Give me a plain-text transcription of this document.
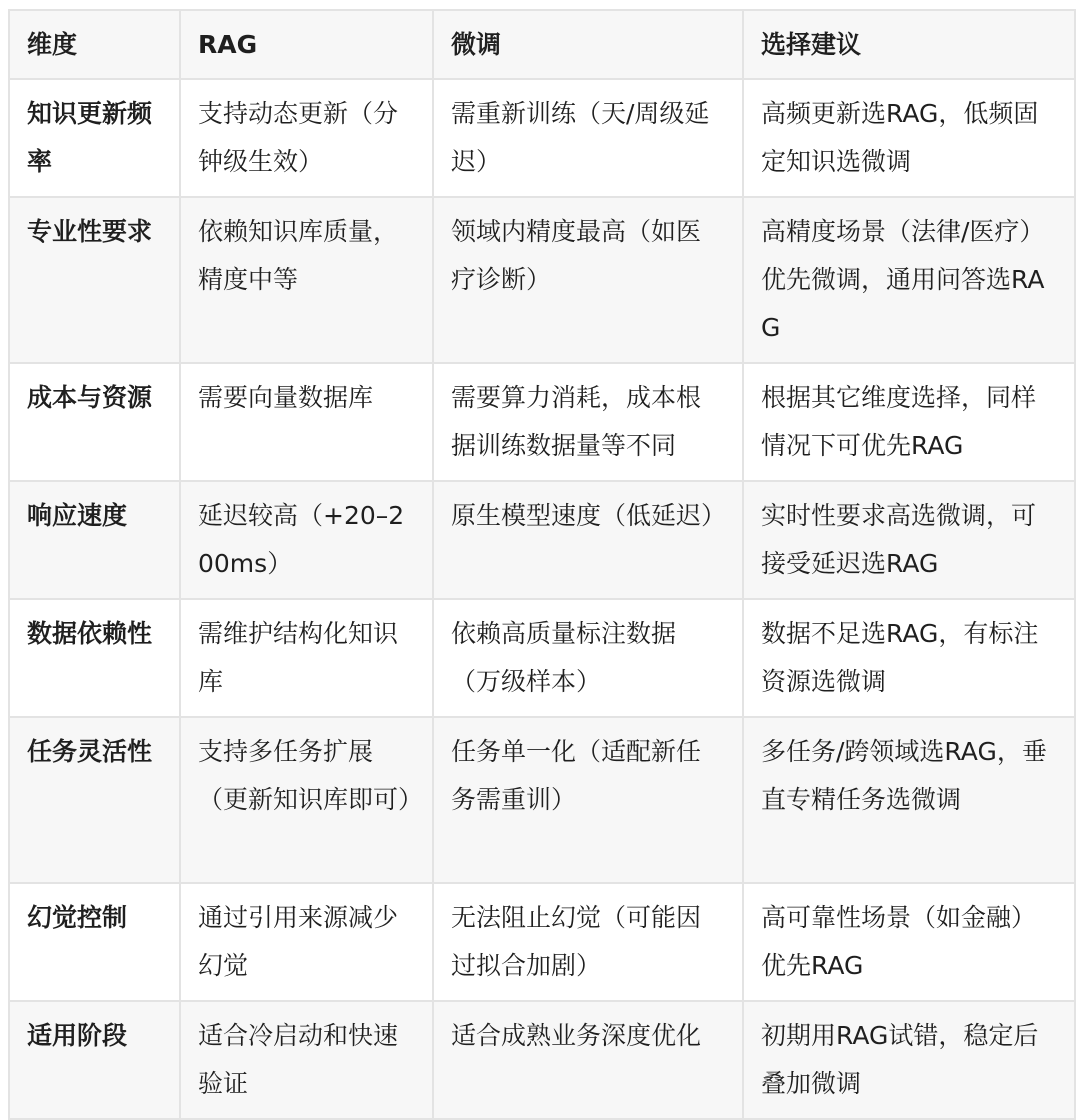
维度	RAG	微调	选择建议
知识更新频率	支持动态更新（分钟级生效）	需重新训练（天/周级延迟）	高频更新选RAG，低频固定知识选微调
专业性要求	依赖知识库质量，精度中等	领域内精度最高（如医疗诊断）	高精度场景（法律/医疗）优先微调，通用问答选RAG
成本与资源	需要向量数据库	需要算力消耗，成本根据训练数据量等不同	根据其它维度选择，同样情况下可优先RAG
响应速度	延迟较高（+20–200ms）	原生模型速度（低延迟）	实时性要求高选微调，可接受延迟选RAG
数据依赖性	需维护结构化知识库	依赖高质量标注数据（万级样本）	数据不足选RAG，有标注资源选微调
任务灵活性	支持多任务扩展（更新知识库即可）	任务单一化（适配新任务需重训）	多任务/跨领域选RAG，垂直专精任务选微调
幻觉控制	通过引用来源减少幻觉	无法阻止幻觉（可能因过拟合加剧）	高可靠性场景（如金融）优先RAG
适用阶段	适合冷启动和快速验证	适合成熟业务深度优化	初期用RAG试错，稳定后叠加微调
